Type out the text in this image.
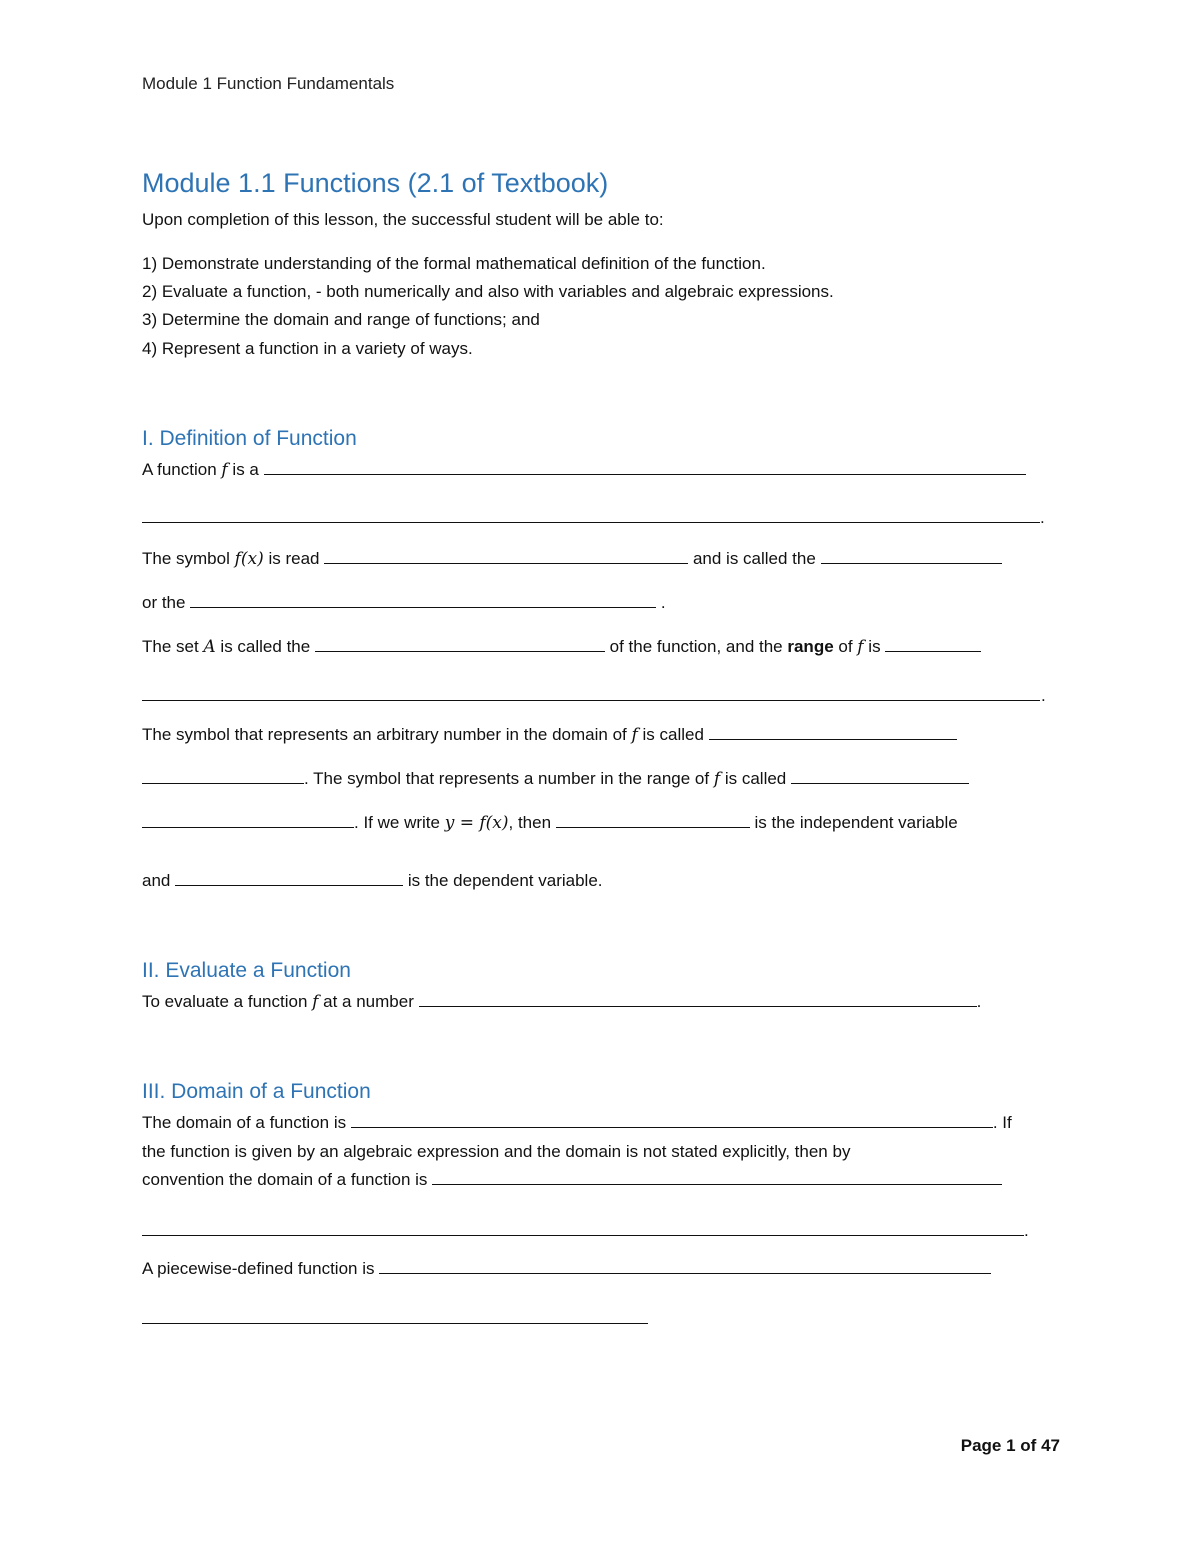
Module 1 Function Fundamentals
Module 1.1 Functions (2.1 of Textbook)
Upon completion of this lesson, the successful student will be able to:
1) Demonstrate understanding of the formal mathematical definition of the function.
2) Evaluate a function, - both numerically and also with variables and algebraic expressions.
3) Determine the domain and range of functions; and
4) Represent a function in a variety of ways.
I. Definition of Function
A function f is a
.
The symbol f(x) is read	and is called the
or the	.
The set A is called the	of the function, and the range of f is
.
The symbol that represents an arbitrary number in the domain of f is called
. The symbol that represents a number in the range of f is called
. If we write y = f(x), then	is the independent variable
and	is the dependent variable.
II. Evaluate a Function
To evaluate a function f at a number	.
III. Domain of a Function
The domain of a function is	. If
the function is given by an algebraic expression and the domain is not stated explicitly, then by
convention the domain of a function is
.
A piecewise-defined function is
Page 1 of 47
